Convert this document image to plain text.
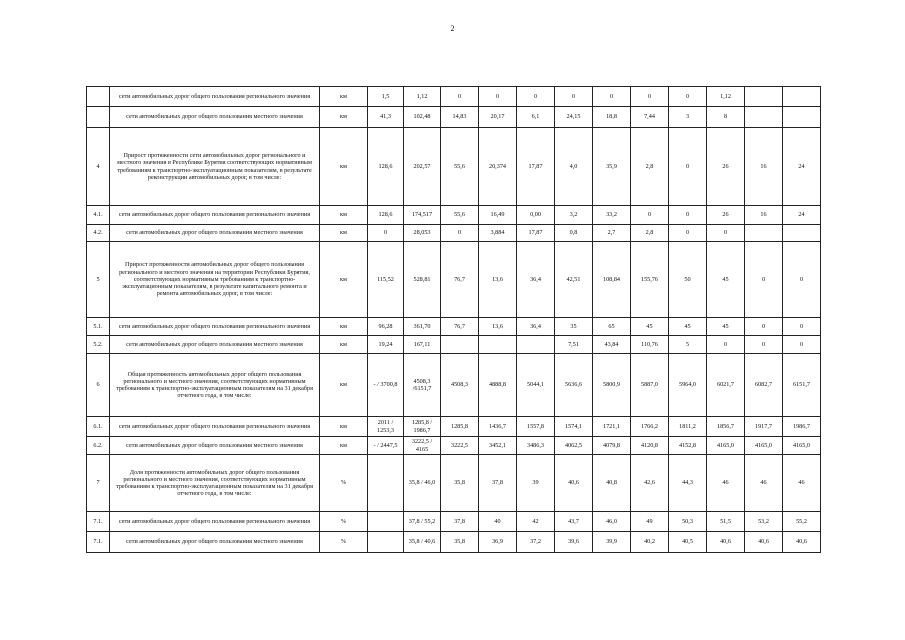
2
	сети автомобильных дорог общего пользования регионального значения	км	1,5	1,12	0	0	0	0	0	0	0	1,12		
	сети автомобильных дорог общего пользования местного значения	км	41,3	102,48	14,83	20,17	6,1	24,15	18,8	7,44	3	8		
4	Прирост протяженности сети автомобильных дорог регионального и местного значения в Республике Бурятия соответствующих нормативным требованиям к транспортно-эксплуатационным показателям, в результате реконструкции автомобильных дорог, в том числе:	км	128,6	202,57	55,6	20,374	17,87	4,0	35,9	2,8	0	26	16	24
4.1.	сети автомобильных дорог общего пользования регионального значения	км	128,6	174,517	55,6	16,49	0,00	3,2	33,2	0	0	26	16	24
4.2.	сети автомобильных дорог общего пользования местного значения	км	0	28,053	0	3,884	17,87	0,8	2,7	2,8	0	0		
5	Прирост протяженности автомобильных дорог общего пользования регионального и местного значения на территории Республики Бурятия, соответствующих нормативным требованиям к транспортно-эксплуатационным показателям, в результате капитального ремонта и ремонта автомобильных дорог, в том числе:	км	115,52	528,81	76,7	13,6	36,4	42,51	108,84	155,76	50	45	0	0
5.1.	сети автомобильных дорог общего пользования регионального значения	км	96,28	361,70	76,7	13,6	36,4	35	65	45	45	45	0	0
5.2.	сети автомобильных дорог общего пользования местного значения	км	19,24	167,11				7,51	43,84	110,76	5	0	0	0
6	Общая протяженность автомобильных дорог общего пользования регионального и местного значения, соответствующих нормативным требованиям к транспортно-эксплуатационным показателям на 31 декабря отчетного года, в том числе:	км	- / 3700,8	4508,3 /6151,7	4508,3	4888,8	5044,1	5636,6	5800,9	5887,0	5964,0	6021,7	6082,7	6151,7
6.1.	сети автомобильных дорог общего пользования регионального значения	км	2011 / 1253,3	1285,8 / 1986,7	1285,8	1436,7	1557,8	1574,1	1721,1	1766,2	1811,2	1856,7	1917,7	1986,7
6.2.	сети автомобильных дорог общего пользования местного значения	км	- / 2447,5	3222,5 / 4165	3222,5	3452,1	3486,3	4062,5	4079,8	4120,8	4152,8	4165,0	4165,0	4165,0
7	Доля протяженности автомобильных дорог общего пользования регионального и местного значения, соответствующих нормативным требованиям к транспортно-эксплуатационным показателям на 31 декабря отчетного года, в том числе:	%		35,8 / 46,0	35,8	37,8	39	40,6	40,8	42,6	44,3	46	46	46
7.1.	сети автомобильных дорог общего пользования регионального значения	%		37,8 / 55,2	37,8	40	42	43,7	46,0	49	50,3	51,5	53,2	55,2
7.1.	сети автомобильных дорог общего пользования местного значения	%		35,8 / 40,6	35,8	36,9	37,2	39,6	39,9	40,2	40,5	40,6	40,6	40,6
